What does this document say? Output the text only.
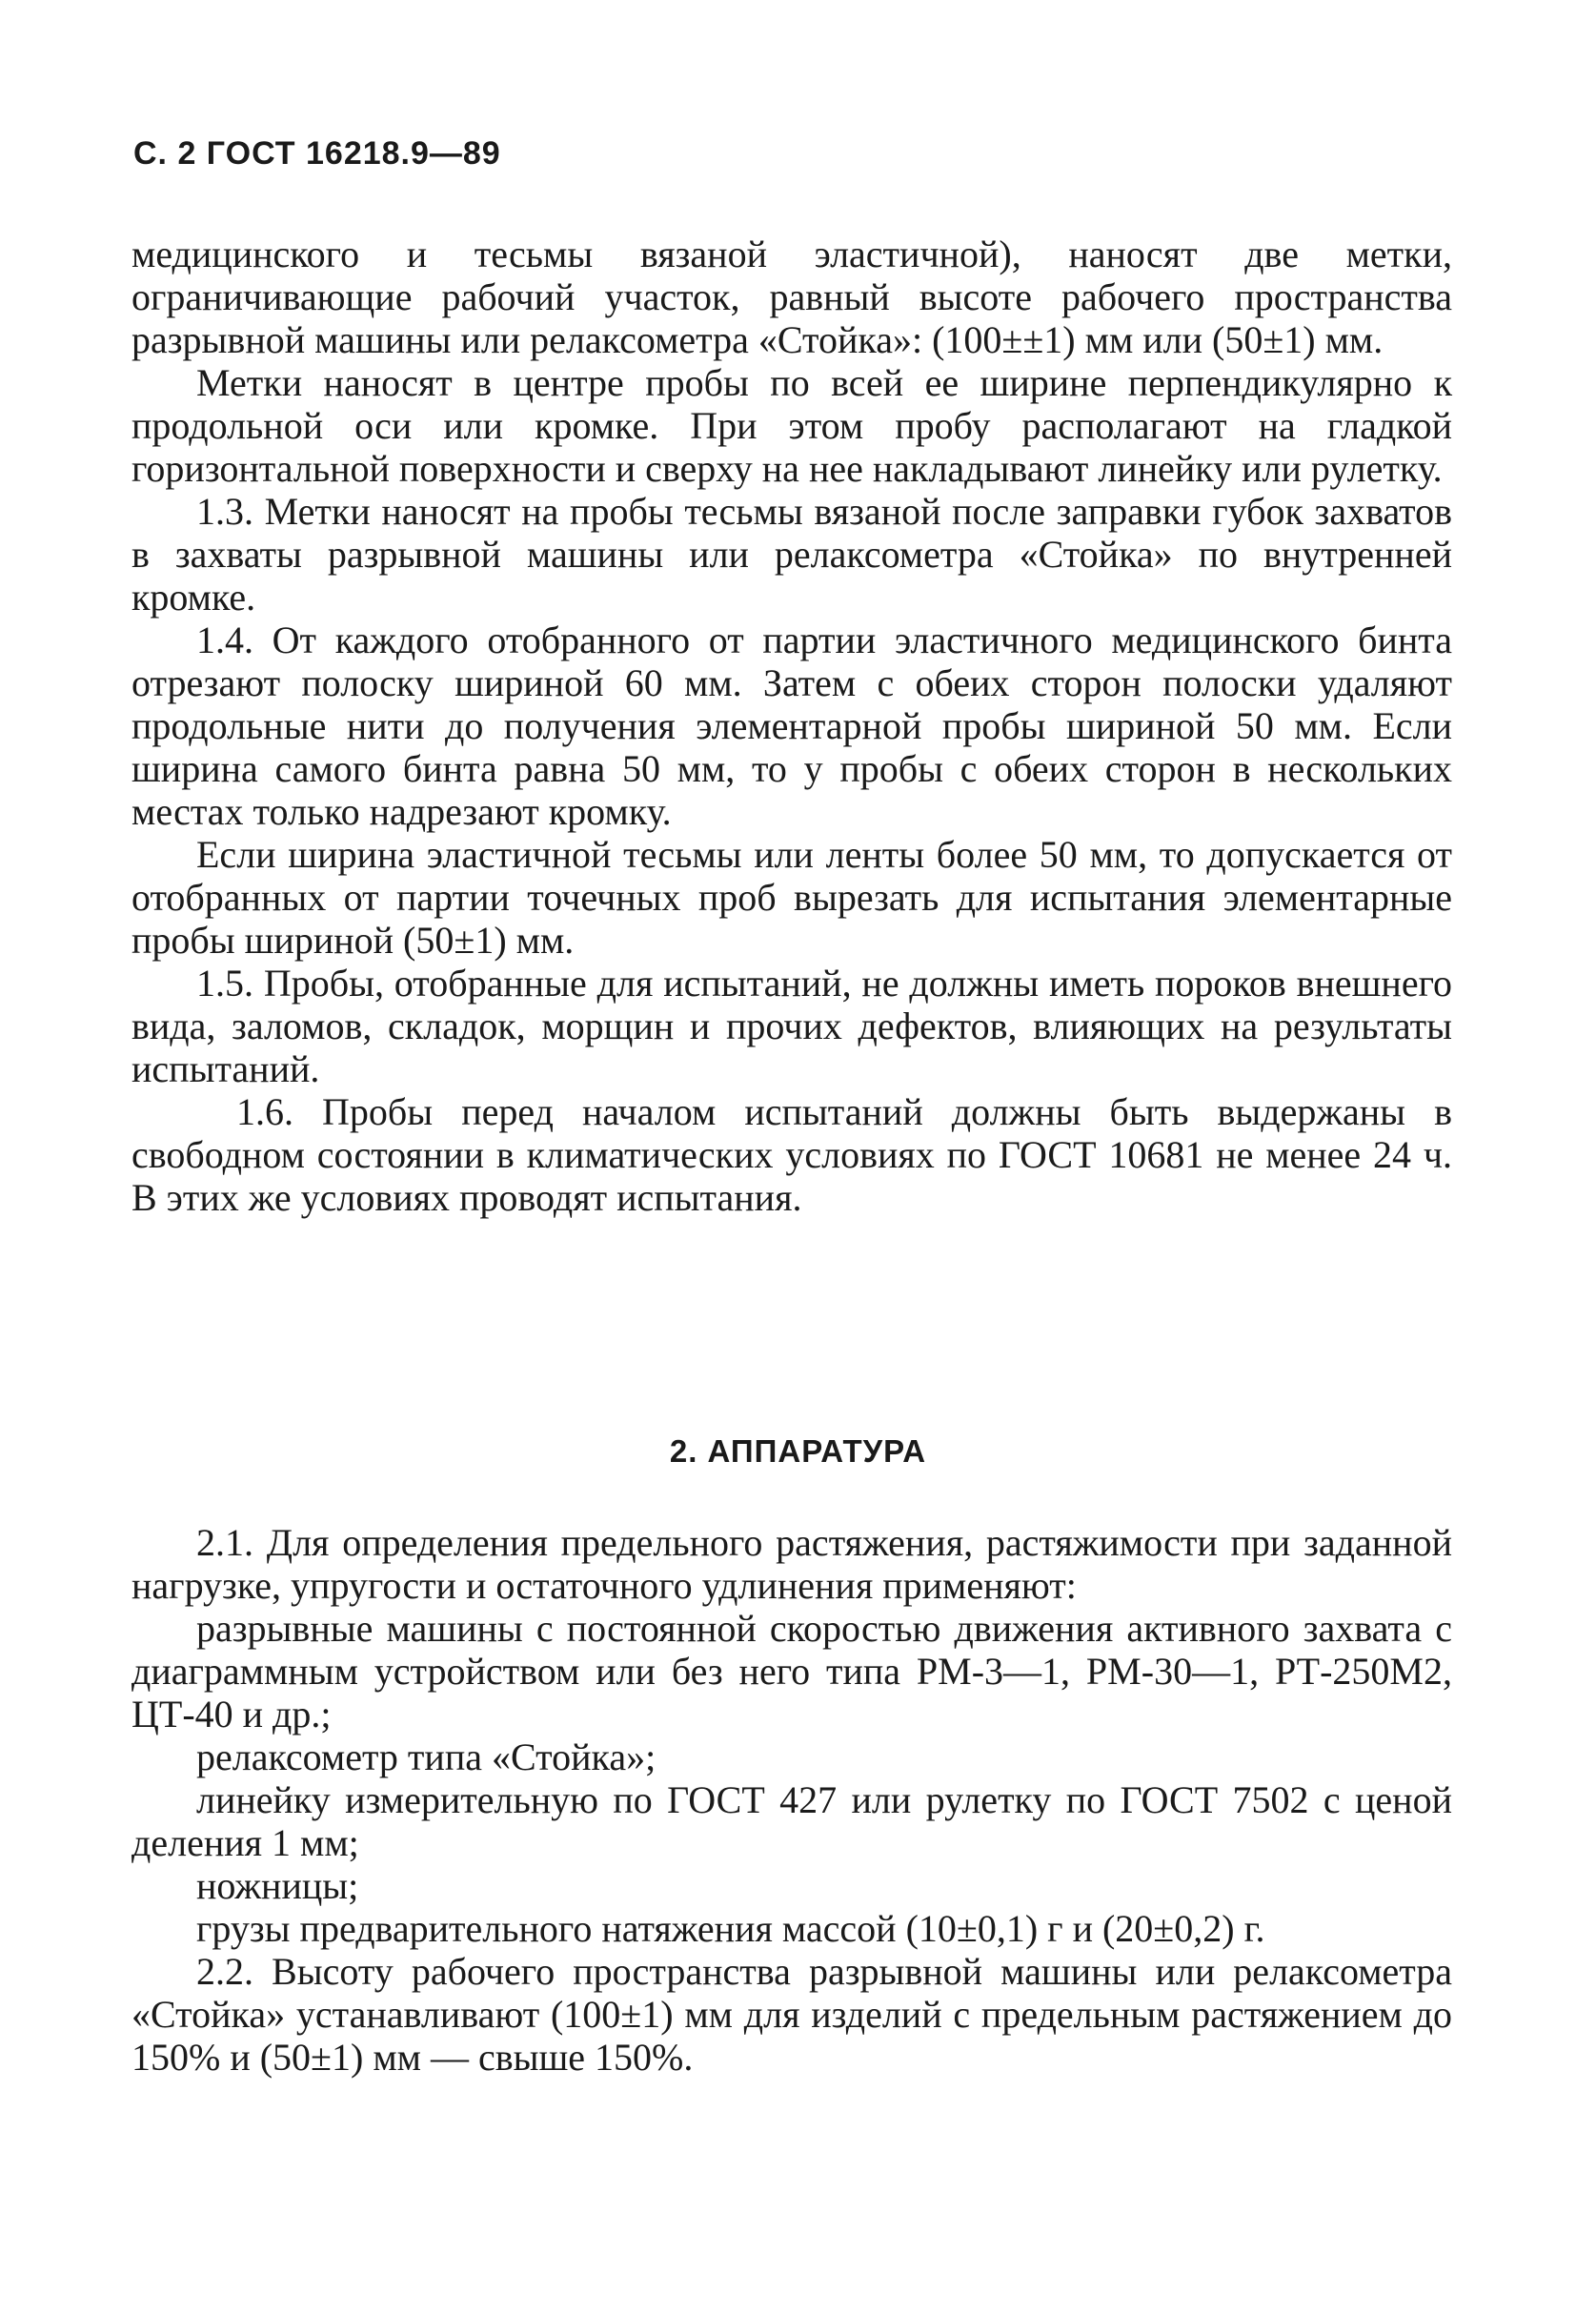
С. 2 ГОСТ 16218.9—89

медицинского и тесьмы вязаной эластичной), наносят две метки, ограничивающие рабочий участок, равный высоте рабочего пространства разрывной машины или релаксометра «Стойка»: (100±±1) мм или (50±1) мм.

Метки наносят в центре пробы по всей ее ширине перпендикулярно к продольной оси или кромке. При этом пробу располагают на гладкой горизонтальной поверхности и сверху на нее накладывают линейку или рулетку.

1.3. Метки наносят на пробы тесьмы вязаной после заправки губок захватов в захваты разрывной машины или релаксометра «Стойка» по внутренней кромке.

1.4. От каждого отобранного от партии эластичного медицинского бинта отрезают полоску шириной 60 мм. Затем с обеих сторон полоски удаляют продольные нити до получения элементарной пробы шириной 50 мм. Если ширина самого бинта равна 50 мм, то у пробы с обеих сторон в нескольких местах только надрезают кромку.

Если ширина эластичной тесьмы или ленты более 50 мм, то допускается от отобранных от партии точечных проб вырезать для испытания элементарные пробы шириной (50±1) мм.

1.5. Пробы, отобранные для испытаний, не должны иметь пороков внешнего вида, заломов, складок, морщин и прочих дефектов, влияющих на результаты испытаний.

1.6. Пробы перед началом испытаний должны быть выдержаны в свободном состоянии в климатических условиях по ГОСТ 10681 не менее 24 ч. В этих же условиях проводят испытания.

2. АППАРАТУРА

2.1. Для определения предельного растяжения, растяжимости при заданной нагрузке, упругости и остаточного удлинения применяют:

разрывные машины с постоянной скоростью движения активного захвата с диаграммным устройством или без него типа РМ-3—1, РМ-30—1, РТ-250М2, ЦТ-40 и др.;

релаксометр типа «Стойка»;

линейку измерительную по ГОСТ 427 или рулетку по ГОСТ 7502 с ценой деления 1 мм;

ножницы;

грузы предварительного натяжения массой (10±0,1) г и (20±0,2) г.

2.2. Высоту рабочего пространства разрывной машины или релаксометра «Стойка» устанавливают (100±1) мм для изделий с предельным растяжением до 150% и (50±1) мм — свыше 150%.
